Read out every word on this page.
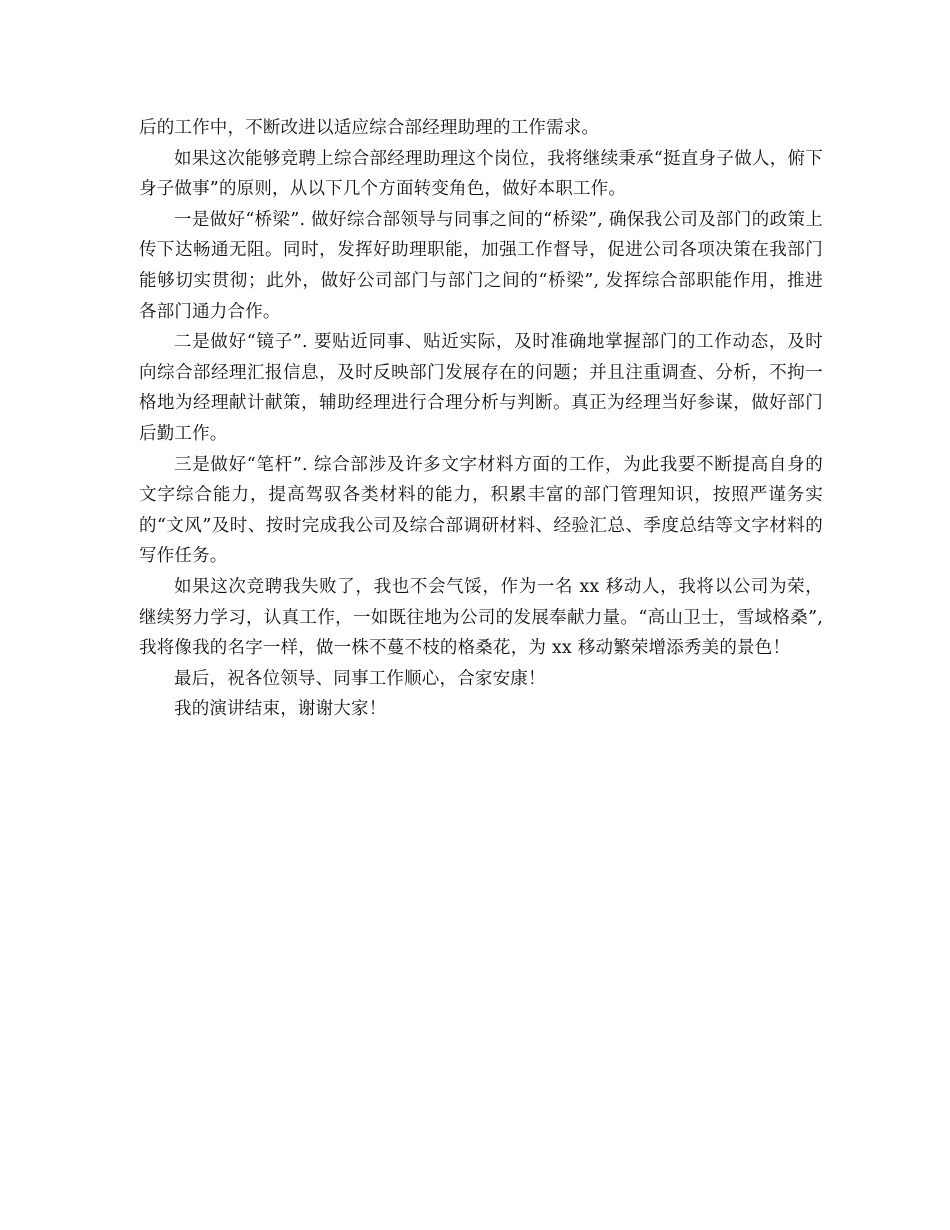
后的工作中，不断改进以适应综合部经理助理的工作需求。

如果这次能够竞聘上综合部经理助理这个岗位，我将继续秉承“挺直身子做人，俯下身子做事”的原则，从以下几个方面转变角色，做好本职工作。

一是做好“桥梁”. 做好综合部领导与同事之间的“桥梁”, 确保我公司及部门的政策上传下达畅通无阻。同时，发挥好助理职能，加强工作督导，促进公司各项决策在我部门能够切实贯彻；此外，做好公司部门与部门之间的“桥梁”, 发挥综合部职能作用，推进各部门通力合作。

二是做好“镜子”. 要贴近同事、贴近实际，及时准确地掌握部门的工作动态，及时向综合部经理汇报信息，及时反映部门发展存在的问题；并且注重调查、分析，不拘一格地为经理献计献策，辅助经理进行合理分析与判断。真正为经理当好参谋，做好部门后勤工作。

三是做好“笔杆”. 综合部涉及许多文字材料方面的工作，为此我要不断提高自身的文字综合能力，提高驾驭各类材料的能力，积累丰富的部门管理知识，按照严谨务实的“文风”及时、按时完成我公司及综合部调研材料、经验汇总、季度总结等文字材料的写作任务。

如果这次竞聘我失败了，我也不会气馁，作为一名 xx 移动人，我将以公司为荣，继续努力学习，认真工作，一如既往地为公司的发展奉献力量。“高山卫士，雪域格桑”, 我将像我的名字一样，做一株不蔓不枝的格桑花，为 xx 移动繁荣增添秀美的景色！

最后，祝各位领导、同事工作顺心，合家安康！

我的演讲结束，谢谢大家！
